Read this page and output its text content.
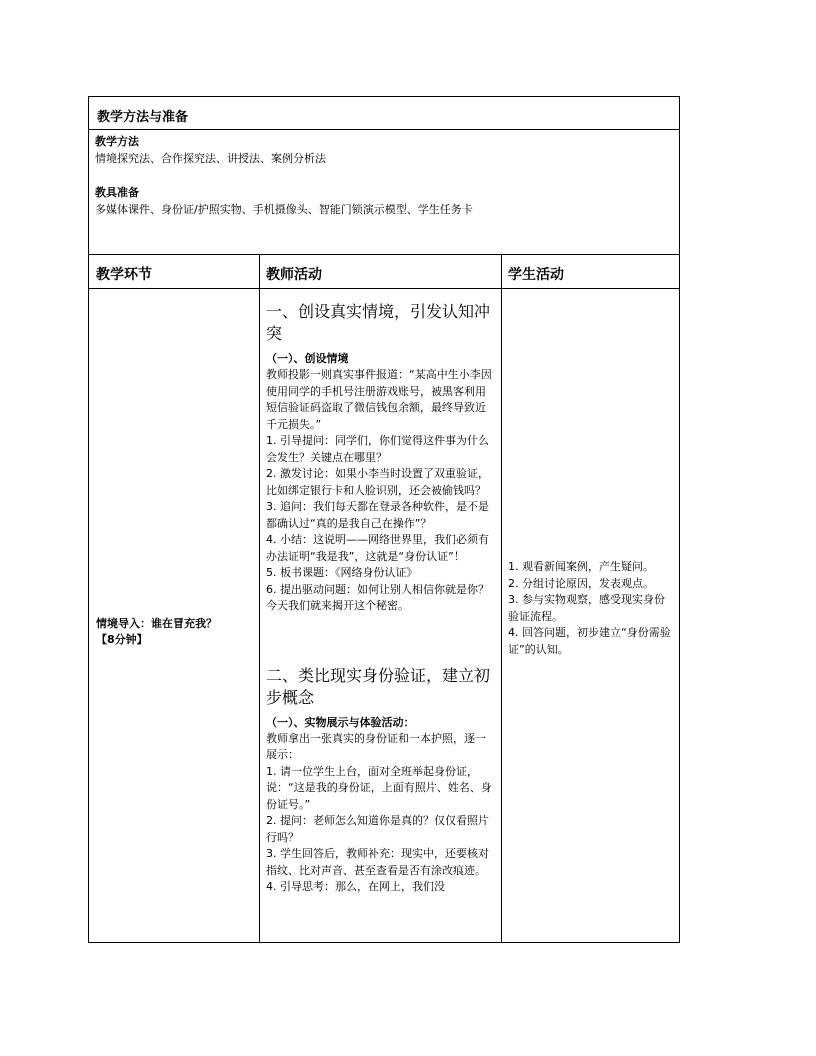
教学方法与准备
教学方法
情境探究法、合作探究法、讲授法、案例分析法
教具准备
多媒体课件、身份证/护照实物、手机摄像头、智能门锁演示模型、学生任务卡
教学环节	教师活动	学生活动
情境导入：谁在冒充我？
【8分钟】
一、创设真实情境，引发认知冲突
（一）、创设情境
教师投影一则真实事件报道：“某高中生小李因使用同学的手机号注册游戏账号，被黑客利用短信验证码盗取了微信钱包余额，最终导致近千元损失。”
1. 引导提问：同学们，你们觉得这件事为什么会发生？关键点在哪里？
2. 激发讨论：如果小李当时设置了双重验证，比如绑定银行卡和人脸识别，还会被偷钱吗？
3. 追问：我们每天都在登录各种软件，是不是都确认过“真的是我自己在操作”？
4. 小结：这说明——网络世界里，我们必须有办法证明“我是我”，这就是“身份认证”！
5. 板书课题：《网络身份认证》
6. 提出驱动问题：如何让别人相信你就是你？今天我们就来揭开这个秘密。
二、类比现实身份验证，建立初步概念
（一）、实物展示与体验活动：
教师拿出一张真实的身份证和一本护照，逐一展示：
1. 请一位学生上台，面对全班举起身份证，说：“这是我的身份证，上面有照片、姓名、身份证号。”
2. 提问：老师怎么知道你是真的？仅仅看照片行吗？
3. 学生回答后，教师补充：现实中，还要核对指纹、比对声音、甚至查看是否有涂改痕迹。
4. 引导思考：那么，在网上，我们没
1. 观看新闻案例，产生疑问。
2. 分组讨论原因，发表观点。
3. 参与实物观察，感受现实身份验证流程。
4. 回答问题，初步建立“身份需验证”的认知。
